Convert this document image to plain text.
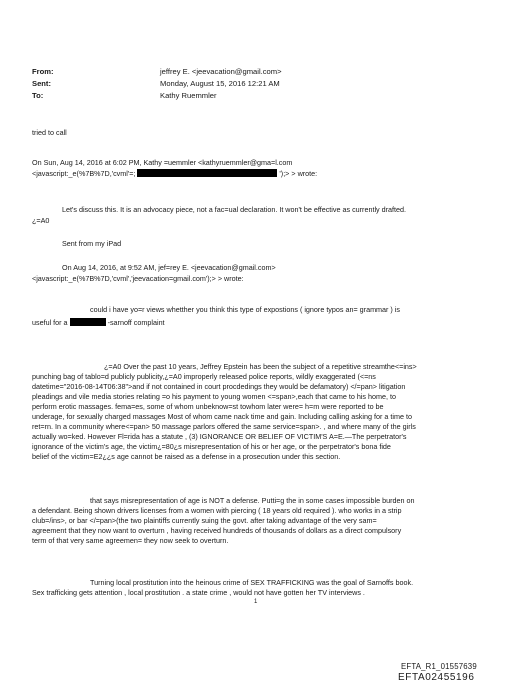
From:
Sent:
To:
jeffrey E. <jeevacation@gmail.com>
Monday, August 15, 2016 12:21 AM
Kathy Ruemmler
tried to call
On Sun, Aug 14, 2016 at 6:02 PM, Kathy =uemmler <kathyruemmler@gma=l.com
<javascript:_e(%7B%7D,'cvml'=;	');> > wrote:
Let's discuss this. It is an advocacy piece, not a fac=ual declaration. It won't be effective as currently drafted.
¿=A0
Sent from my iPad
On Aug 14, 2016, at 9:52 AM, jef=rey E. <jeevacation@gmail.com>
<javascript:_e(%7B%7D,'cvml','jeevacation=gmail.com');> > wrote:
could i have yo=r views whetther you think this type of expostions ( ignore typos an= grammar ) is
useful for a	-sarnoff complaint
¿=A0 Over the past 10 years, Jeffrey Epstein has been the subject of a repetitive streamthe<=ins>
punching bag of tablo=d publicly publicity,¿=A0 improperly released police reports, wildly exaggerated (<=ns
datetime="2016-08-14T06:38">and if not contained in court procdedings they would be defamatory) </=pan> litigation
pleadings and vile media stories relating =o his payment to young women <=span>,each that came to his home, to
perform erotic massages. fema=es, some of whom unbeknow=st towhom later were= h=m were reported to be
underage, for sexually charged massages Most of whom came nack time and gain. Including calling asking for a time to
ret=rn. In a community where<=pan> 50 massage parlors offered the same service=span>. , and where many of the girls
actually wo=ked. However Fl=rida has a statute , (3) IGNORANCE OR BELIEF OF VICTIM'S A=E.—The perpetrator's
ignorance of the victim's age, the victim¿=80¿s misrepresentation of his or her age, or the perpetrator's bona fide
belief of the victim=E2¿¿s age cannot be raised as a defense in a prosecution under this section.
that says misrepresentation of age is NOT a defense. Putti=g the in some cases impossible burden on
a defendant. Being shown drivers licenses from a women with piercing ( 18 years old required ). who works in a strip
club=/ins>, or bar </=pan>(the two plaintiffs currently suing the govt. after taking advantage of the very sam=
agreement that they now want to overturn , having received hundreds of thousands of dollars as a direct compulsory
term of that very same agreemen= they now seek to overturn.
Turning local prostitution into the heinous crime of SEX TRAFFICKING was the goal of Sarnoffs book.
Sex trafficking gets attention , local prostitution . a state crime , would not have gotten her TV interviews .
1
EFTA_R1_01557639
EFTA02455196
